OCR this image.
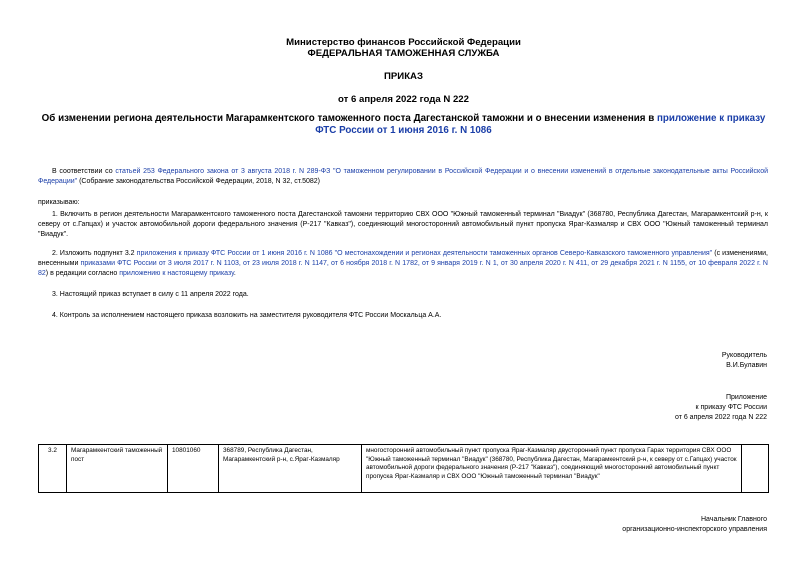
Министерство финансов Российской Федерации
ФЕДЕРАЛЬНАЯ ТАМОЖЕННАЯ СЛУЖБА
ПРИКАЗ
от 6 апреля 2022 года N 222
Об изменении региона деятельности Магарамкентского таможенного поста Дагестанской таможни и о внесении изменения в приложение к приказу ФТС России от 1 июня 2016 г. N 1086
В соответствии со статьей 253 Федерального закона от 3 августа 2018 г. N 289-ФЗ "О таможенном регулировании в Российской Федерации и о внесении изменений в отдельные законодательные акты Российской Федерации" (Собрание законодательства Российской Федерации, 2018, N 32, ст.5082)
приказываю:
1. Включить в регион деятельности Магарамкентского таможенного поста Дагестанской таможни территорию СВХ ООО "Южный таможенный терминал "Виадук" (368780, Республика Дагестан, Магарамкентский р-н, к северу от с.Гапцах) и участок автомобильной дороги федерального значения (Р-217 "Кавказ"), соединяющий многосторонний автомобильный пункт пропуска Яраг-Казмаляр и СВХ ООО "Южный таможенный терминал "Виадук".
2. Изложить подпункт 3.2 приложения к приказу ФТС России от 1 июня 2016 г. N 1086 "О местонахождении и регионах деятельности таможенных органов Северо-Кавказского таможенного управления" (с изменениями, внесенными приказами ФТС России от 3 июля 2017 г. N 1103, от 23 июля 2018 г. N 1147, от 6 ноября 2018 г. N 1782, от 9 января 2019 г. N 1, от 30 апреля 2020 г. N 411, от 29 декабря 2021 г. N 1155, от 10 февраля 2022 г. N 82) в редакции согласно приложению к настоящему приказу.
3. Настоящий приказ вступает в силу с 11 апреля 2022 года.
4. Контроль за исполнением настоящего приказа возложить на заместителя руководителя ФТС России Москальца А.А.
Руководитель
В.И.Булавин
Приложение
к приказу ФТС России
от 6 апреля 2022 года N 222
3.2	Магарамкентский таможенный пост	10801060	368789, Республика Дагестан, Магарамкентский р-н, с.Яраг-Казмаляр	многосторонний автомобильный пункт пропуска Яраг-Казмаляр двусторонний пункт пропуска Гарах территория СВХ ООО "Южный таможенный терминал "Виадук" (368780, Республика Дагестан, Магарамкентский р-н, к северу от с.Гапцах) участок автомобильной дороги федерального значения (Р-217 "Кавказ"), соединяющий многосторонний автомобильный пункт пропуска Яраг-Казмаляр и СВХ ООО "Южный таможенный терминал "Виадук"	
Начальник Главного
организационно-инспекторского управления
